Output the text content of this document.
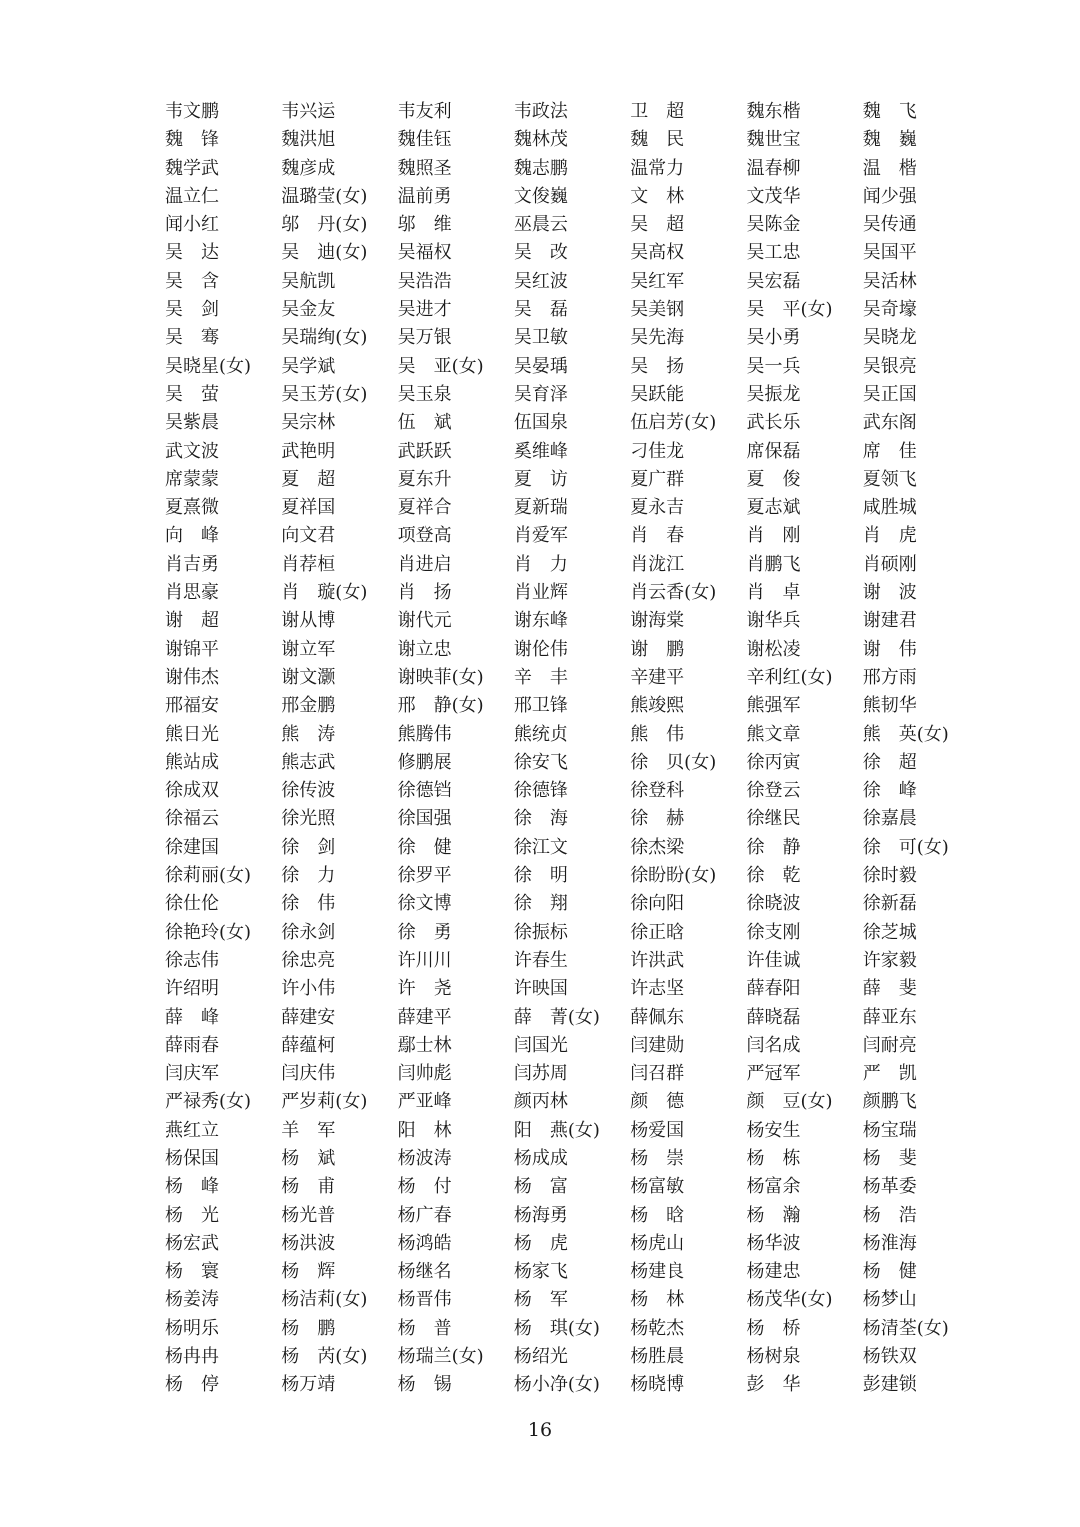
韦文鹏	韦兴运	韦友利	韦政法	卫　超	魏东楷	魏　飞
魏　锋	魏洪旭	魏佳钰	魏林茂	魏　民	魏世宝	魏　巍
魏学武	魏彦成	魏照圣	魏志鹏	温常力	温春柳	温　楷
温立仁	温璐莹(女)	温前勇	文俊巍	文　林	文茂华	闻少强
闻小红	邬　丹(女)	邬　维	巫晨云	吴　超	吴陈金	吴传通
吴　达	吴　迪(女)	吴福权	吴　改	吴高权	吴工忠	吴国平
吴　含	吴航凯	吴浩浩	吴红波	吴红军	吴宏磊	吴活林
吴　剑	吴金友	吴进才	吴　磊	吴美钢	吴　平(女)	吴奇壕
吴　骞	吴瑞绚(女)	吴万银	吴卫敏	吴先海	吴小勇	吴晓龙
吴晓星(女)	吴学斌	吴　亚(女)	吴晏瑀	吴　扬	吴一兵	吴银亮
吴　萤	吴玉芳(女)	吴玉泉	吴育泽	吴跃能	吴振龙	吴正国
吴紫晨	吴宗林	伍　斌	伍国泉	伍启芳(女)	武长乐	武东阁
武文波	武艳明	武跃跃	奚维峰	刁佳龙	席保磊	席　佳
席蒙蒙	夏　超	夏东升	夏　访	夏广群	夏　俊	夏领飞
夏熹微	夏祥国	夏祥合	夏新瑞	夏永吉	夏志斌	咸胜城
向　峰	向文君	项登高	肖爱军	肖　春	肖　刚	肖　虎
肖吉勇	肖荐桓	肖进启	肖　力	肖泷江	肖鹏飞	肖硕刚
肖思豪	肖　璇(女)	肖　扬	肖业辉	肖云香(女)	肖　卓	谢　波
谢　超	谢从博	谢代元	谢东峰	谢海棠	谢华兵	谢建君
谢锦平	谢立军	谢立忠	谢伦伟	谢　鹏	谢松凌	谢　伟
谢伟杰	谢文灏	谢映菲(女)	辛　丰	辛建平	辛利红(女)	邢方雨
邢福安	邢金鹏	邢　静(女)	邢卫锋	熊竣熙	熊强军	熊韧华
熊日光	熊　涛	熊腾伟	熊统贞	熊　伟	熊文章	熊　英(女)
熊站成	熊志武	修鹏展	徐安飞	徐　贝(女)	徐丙寅	徐　超
徐成双	徐传波	徐德铛	徐德锋	徐登科	徐登云	徐　峰
徐福云	徐光照	徐国强	徐　海	徐　赫	徐继民	徐嘉晨
徐建国	徐　剑	徐　健	徐江文	徐杰梁	徐　静	徐　可(女)
徐莉丽(女)	徐　力	徐罗平	徐　明	徐盼盼(女)	徐　乾	徐时毅
徐仕伦	徐　伟	徐文博	徐　翔	徐向阳	徐晓波	徐新磊
徐艳玲(女)	徐永剑	徐　勇	徐振标	徐正晗	徐支刚	徐芝城
徐志伟	徐忠亮	许川川	许春生	许洪武	许佳诚	许家毅
许绍明	许小伟	许　尧	许映国	许志坚	薛春阳	薛　斐
薛　峰	薛建安	薛建平	薛　菁(女)	薛佩东	薛晓磊	薛亚东
薛雨春	薛蕴柯	鄢士林	闫国光	闫建勋	闫名成	闫耐亮
闫庆军	闫庆伟	闫帅彪	闫苏周	闫召群	严冠军	严　凯
严禄秀(女)	严岁莉(女)	严亚峰	颜丙林	颜　德	颜　豆(女)	颜鹏飞
燕红立	羊　军	阳　林	阳　燕(女)	杨爱国	杨安生	杨宝瑞
杨保国	杨　斌	杨波涛	杨成成	杨　崇	杨　栋	杨　斐
杨　峰	杨　甫	杨　付	杨　富	杨富敏	杨富余	杨革委
杨　光	杨光普	杨广春	杨海勇	杨　晗	杨　瀚	杨　浩
杨宏武	杨洪波	杨鸿皓	杨　虎	杨虎山	杨华波	杨淮海
杨　寰	杨　辉	杨继名	杨家飞	杨建良	杨建忠	杨　健
杨姜涛	杨洁莉(女)	杨晋伟	杨　军	杨　林	杨茂华(女)	杨梦山
杨明乐	杨　鹏	杨　普	杨　琪(女)	杨乾杰	杨　桥	杨清荃(女)
杨冉冉	杨　芮(女)	杨瑞兰(女)	杨绍光	杨胜晨	杨树泉	杨铁双
杨　停	杨万靖	杨　锡	杨小净(女)	杨晓博	彭　华	彭建锁
16
